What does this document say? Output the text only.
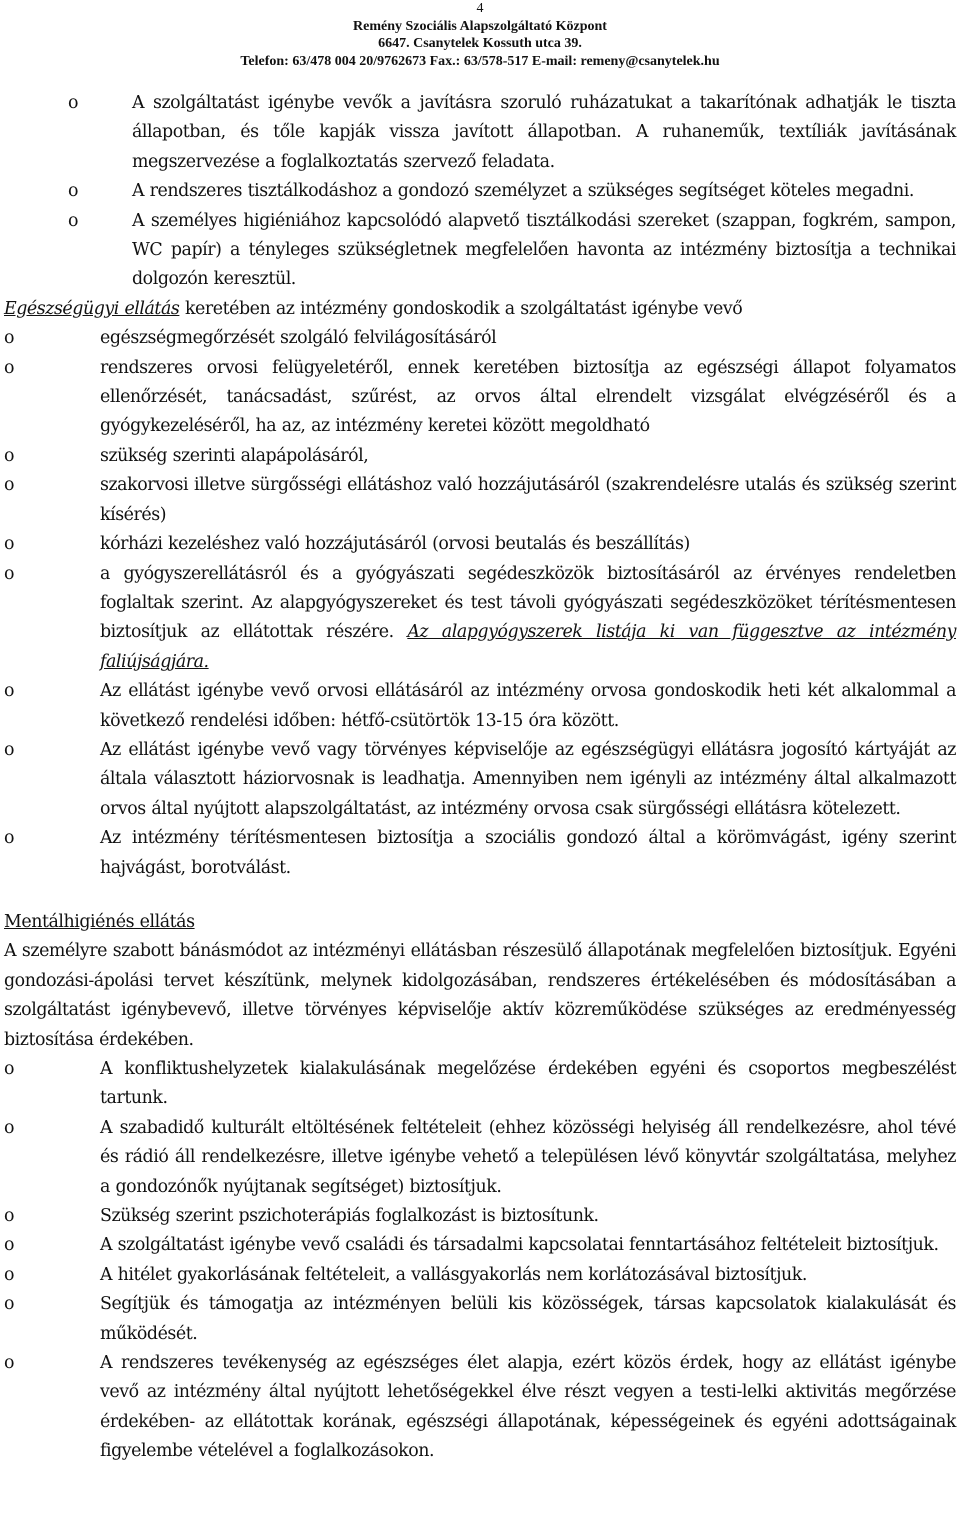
4
Remény Szociális Alapszolgáltató Központ
6647. Csanytelek Kossuth utca 39.
Telefon: 63/478 004 20/9762673 Fax.: 63/578-517 E-mail: remeny@csanytelek.hu
o	A szolgáltatást igénybe vevők a javításra szoruló ruházatukat a takarítónak adhatják le tiszta állapotban, és tőle kapják vissza javított állapotban. A ruhaneműk, textíliák javításának megszervezése a foglalkoztatás szervező feladata.
o	A rendszeres tisztálkodáshoz a gondozó személyzet a szükséges segítséget köteles megadni.
o	A személyes higiéniához kapcsolódó alapvető tisztálkodási szereket (szappan, fogkrém, sampon, WC papír) a tényleges szükségletnek megfelelően havonta az intézmény biztosítja a technikai dolgozón keresztül.

Egészségügyi ellátás keretében az intézmény gondoskodik a szolgáltatást igénybe vevő

o	egészségmegőrzését szolgáló felvilágosításáról
o	rendszeres orvosi felügyeletéről, ennek keretében biztosítja az egészségi állapot folyamatos ellenőrzését, tanácsadást, szűrést, az orvos által elrendelt vizsgálat elvégzéséről és a gyógykezeléséről, ha az, az intézmény keretei között megoldható
o	szükség szerinti alapápolásáról,
o	szakorvosi illetve sürgősségi ellátáshoz való hozzájutásáról (szakrendelésre utalás és szükség szerint kísérés)
o	kórházi kezeléshez való hozzájutásáról (orvosi beutalás és beszállítás)
o	a gyógyszerellátásról és a gyógyászati segédeszközök biztosításáról az érvényes rendeletben foglaltak szerint. Az alapgyógyszereket és test távoli gyógyászati segédeszközöket térítésmentesen biztosítjuk az ellátottak részére. Az alapgyógyszerek listája ki van függesztve az intézmény faliújságjára.
o	Az ellátást igénybe vevő orvosi ellátásáról az intézmény orvosa gondoskodik heti két alkalommal a következő rendelési időben: hétfő-csütörtök 13-15 óra között.
o	Az ellátást igénybe vevő vagy törvényes képviselője az egészségügyi ellátásra jogosító kártyáját az általa választott háziorvosnak is leadhatja. Amennyiben nem igényli az intézmény által alkalmazott orvos által nyújtott alapszolgáltatást, az intézmény orvosa csak sürgősségi ellátásra kötelezett.
o	Az intézmény térítésmentesen biztosítja a szociális gondozó által a körömvágást, igény szerint hajvágást, borotválást.

Mentálhigiénés ellátás

A személyre szabott bánásmódot az intézményi ellátásban részesülő állapotának megfelelően biztosítjuk. Egyéni gondozási-ápolási tervet készítünk, melynek kidolgozásában, rendszeres értékelésében és módosításában a szolgáltatást igénybevevő, illetve törvényes képviselője aktív közreműködése szükséges az eredményesség biztosítása érdekében.

o	A konfliktushelyzetek kialakulásának megelőzése érdekében egyéni és csoportos megbeszélést tartunk.
o	A szabadidő kulturált eltöltésének feltételeit (ehhez közösségi helyiség áll rendelkezésre, ahol tévé és rádió áll rendelkezésre, illetve igénybe vehető a településen lévő könyvtár szolgáltatása, melyhez a gondozónők nyújtanak segítséget) biztosítjuk.
o	Szükség szerint pszichoterápiás foglalkozást is biztosítunk.
o	A szolgáltatást igénybe vevő családi és társadalmi kapcsolatai fenntartásához feltételeit biztosítjuk.
o	A hitélet gyakorlásának feltételeit, a vallásgyakorlás nem korlátozásával biztosítjuk.
o	Segítjük és támogatja az intézményen belüli kis közösségek, társas kapcsolatok kialakulását és működését.
o	A rendszeres tevékenység az egészséges élet alapja, ezért közös érdek, hogy az ellátást igénybe vevő az intézmény által nyújtott lehetőségekkel élve részt vegyen a testi-lelki aktivitás megőrzése érdekében- az ellátottak korának, egészségi állapotának, képességeinek és egyéni adottságainak figyelembe vételével a foglalkozásokon.
